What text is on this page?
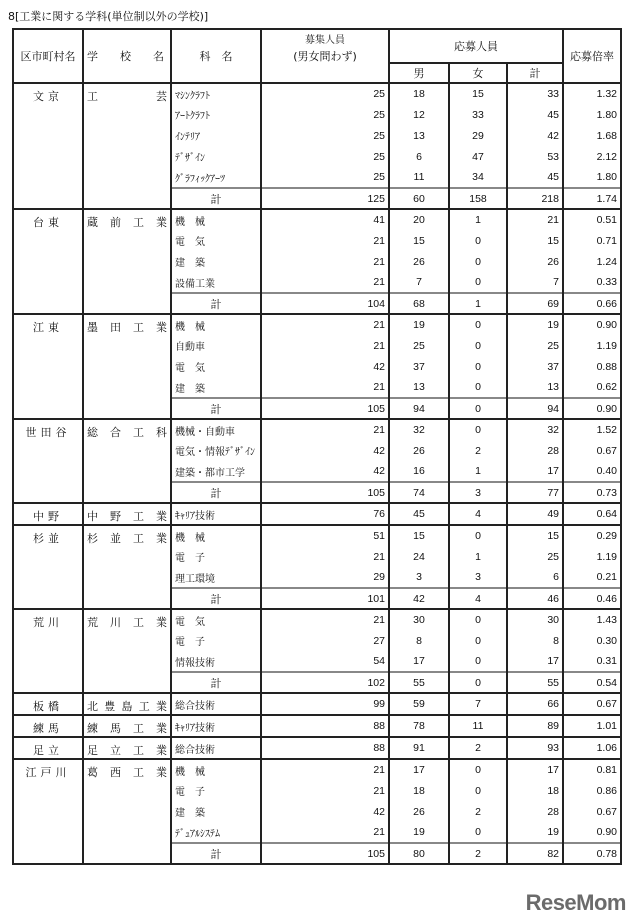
8[工業に関する学科(単位制以外の学校)]
区市町村名	学　　校　　名	科　名	募集人員
(男女問わず)	応募人員			応募倍率
				男	女	計	
文京	工芸	ﾏｼﾝｸﾗﾌﾄ	25	18	15	33	1.32
		ｱｰﾄｸﾗﾌﾄ	25	12	33	45	1.80
		ｲﾝﾃﾘｱ	25	13	29	42	1.68
		ﾃﾞｻﾞｲﾝ	25	6	47	53	2.12
		ｸﾞﾗﾌｨｯｸｱｰﾂ	25	11	34	45	1.80
		計	125	60	158	218	1.74
台東	蔵前工業	機　械	41	20	1	21	0.51
		電　気	21	15	0	15	0.71
		建　築	21	26	0	26	1.24
		設備工業	21	7	0	7	0.33
		計	104	68	1	69	0.66
江東	墨田工業	機　械	21	19	0	19	0.90
		自動車	21	25	0	25	1.19
		電　気	42	37	0	37	0.88
		建　築	21	13	0	13	0.62
		計	105	94	0	94	0.90
世田谷	総合工科	機械・自動車	21	32	0	32	1.52
		電気・情報ﾃﾞｻﾞｲﾝ	42	26	2	28	0.67
		建築・都市工学	42	16	1	17	0.40
		計	105	74	3	77	0.73
中野	中野工業	ｷｬﾘｱ技術	76	45	4	49	0.64
杉並	杉並工業	機　械	51	15	0	15	0.29
		電　子	21	24	1	25	1.19
		理工環境	29	3	3	6	0.21
		計	101	42	4	46	0.46
荒川	荒川工業	電　気	21	30	0	30	1.43
		電　子	27	8	0	8	0.30
		情報技術	54	17	0	17	0.31
		計	102	55	0	55	0.54
板橋	北豊島工業	総合技術	99	59	7	66	0.67
練馬	練馬工業	ｷｬﾘｱ技術	88	78	11	89	1.01
足立	足立工業	総合技術	88	91	2	93	1.06
江戸川	葛西工業	機　械	21	17	0	17	0.81
		電　子	21	18	0	18	0.86
		建　築	42	26	2	28	0.67
		ﾃﾞｭｱﾙｼｽﾃﾑ	21	19	0	19	0.90
		計	105	80	2	82	0.78
ReseMom
